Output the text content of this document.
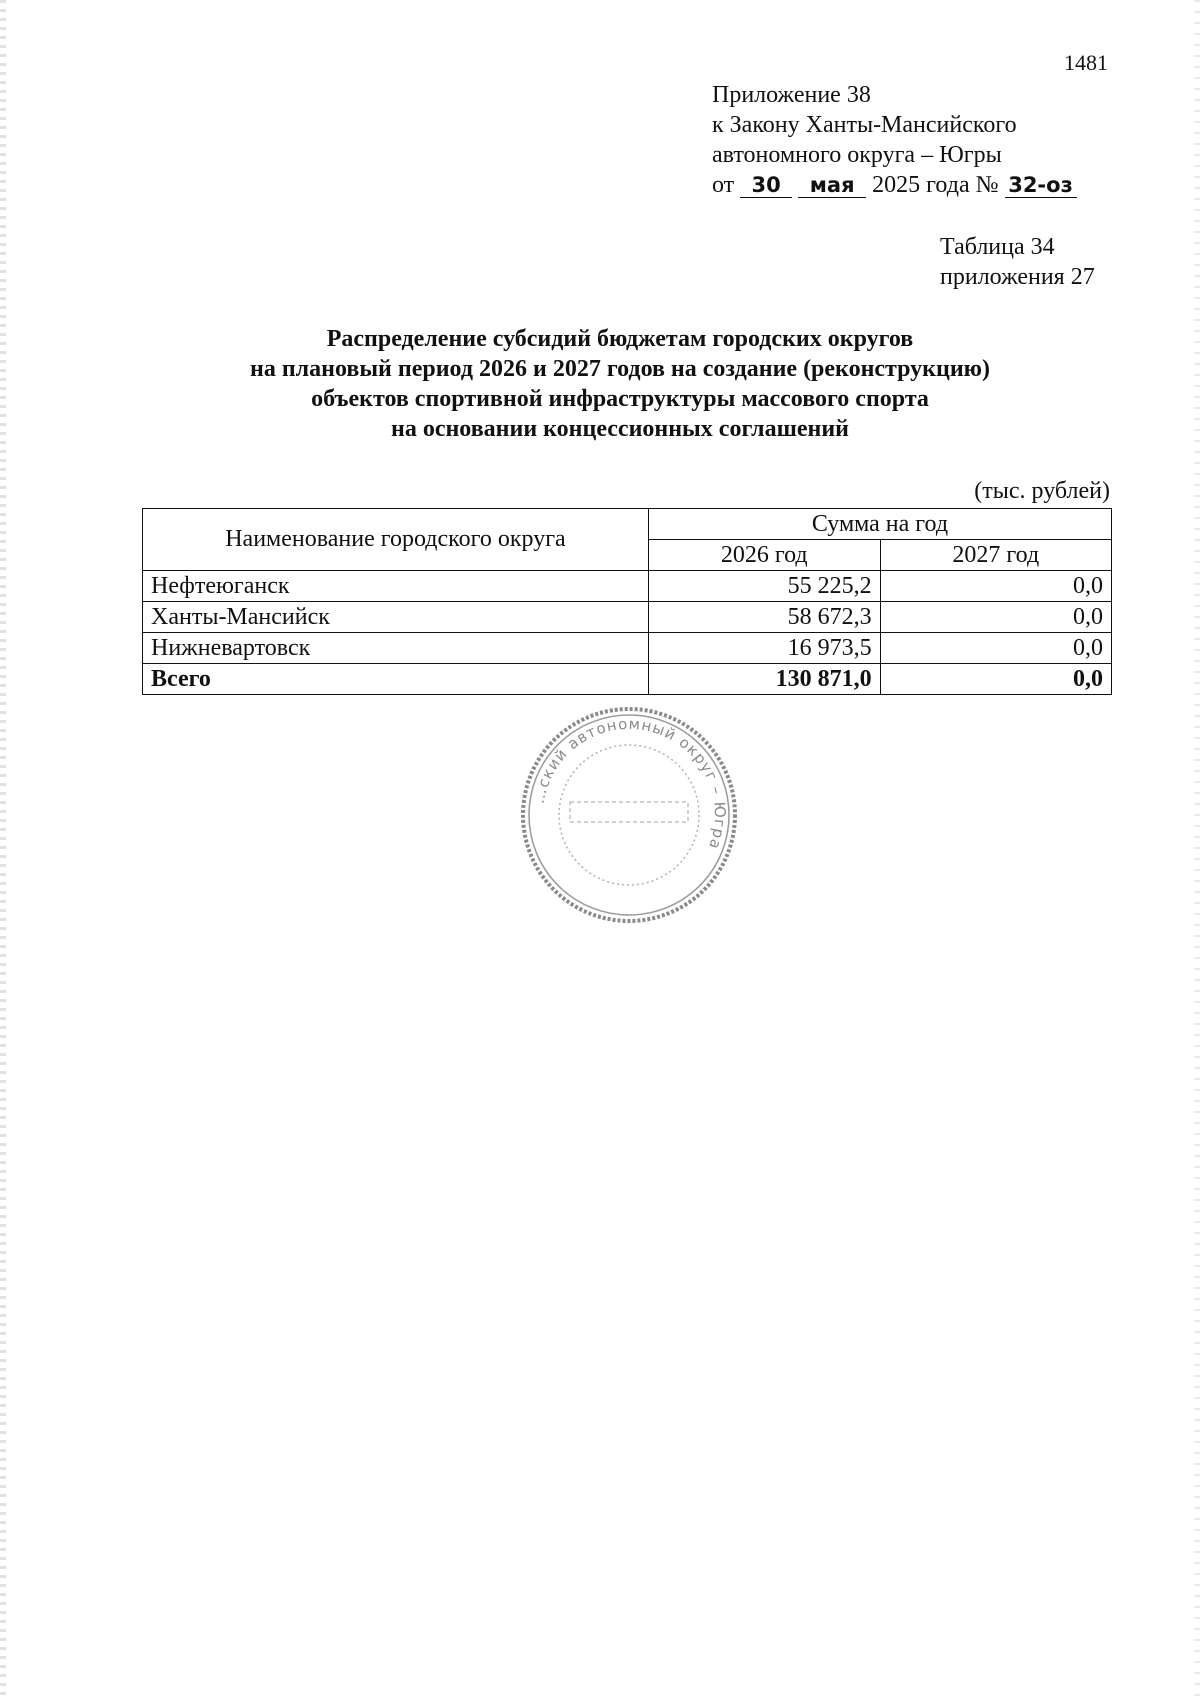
1481
Приложение 38
к Закону Ханты-Мансийского
автономного округа – Югры
от 30 мая 2025 года № 32-оз
Таблица 34
приложения 27
Распределение субсидий бюджетам городских округов
на плановый период 2026 и 2027 годов на создание (реконструкцию)
объектов спортивной инфраструктуры массового спорта
на основании концессионных соглашений
(тыс. рублей)
Наименование городского округа	Сумма на год	
	2026 год	2027 год
Нефтеюганск	55 225,2	0,0
Ханты-Мансийск	58 672,3	0,0
Нижневартовск	16 973,5	0,0
Всего	130 871,0	0,0
…ский автономный округ – Югра
